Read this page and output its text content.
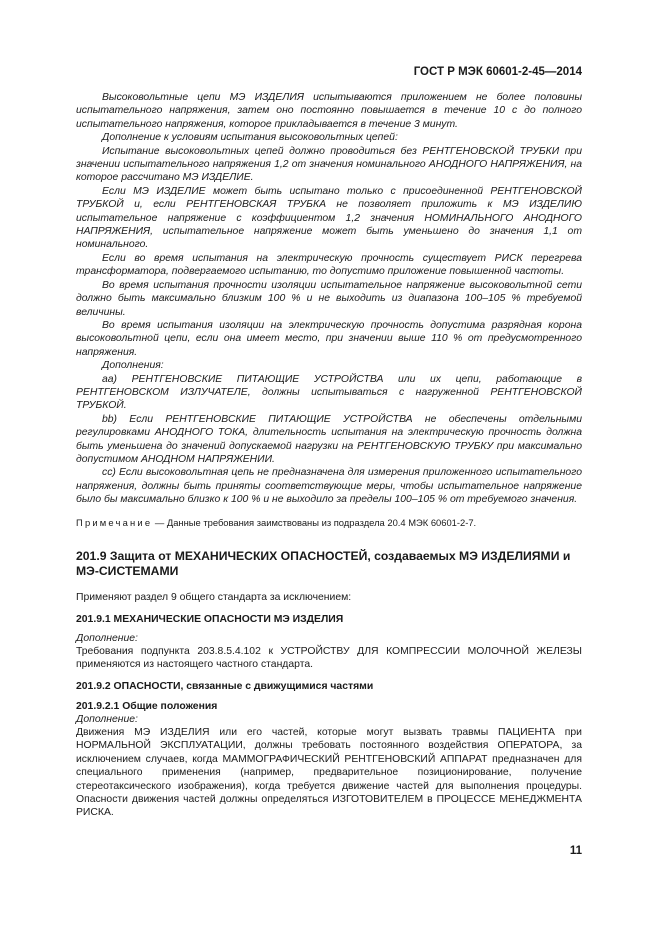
ГОСТ Р МЭК 60601-2-45—2014

Высоковольтные цепи МЭ ИЗДЕЛИЯ испытываются приложением не более половины испытательного напряжения, затем оно постоянно повышается в течение 10 с до полного испытательного напряжения, которое прикладывается в течение 3 минут.

Дополнение к условиям испытания высоковольтных цепей:

Испытание высоковольтных цепей должно проводиться без РЕНТГЕНОВСКОЙ ТРУБКИ при значении испытательного напряжения 1,2 от значения номинального АНОДНОГО НАПРЯЖЕНИЯ, на которое рассчитано МЭ ИЗДЕЛИЕ.

Если МЭ ИЗДЕЛИЕ может быть испытано только с присоединенной РЕНТГЕНОВСКОЙ ТРУБКОЙ и, если РЕНТГЕНОВСКАЯ ТРУБКА не позволяет приложить к МЭ ИЗДЕЛИЮ испытательное напряжение с коэффициентом 1,2 значения НОМИНАЛЬНОГО АНОДНОГО НАПРЯЖЕНИЯ, испытательное напряжение может быть уменьшено до значения 1,1 от номинального.

Если во время испытания на электрическую прочность существует РИСК перегрева трансформатора, подвергаемого испытанию, то допустимо приложение повышенной частоты.

Во время испытания прочности изоляции испытательное напряжение высоковольтной сети должно быть максимально близким 100 % и не выходить из диапазона 100–105 % требуемой величины.

Во время испытания изоляции на электрическую прочность допустима разрядная корона высоковольтной цепи, если она имеет место, при значении выше 110 % от предусмотренного напряжения.

Дополнения:

аа) РЕНТГЕНОВСКИЕ ПИТАЮЩИЕ УСТРОЙСТВА или их цепи, работающие в РЕНТГЕНОВСКОМ ИЗЛУЧАТЕЛЕ, должны испытываться с нагруженной РЕНТГЕНОВСКОЙ ТРУБКОЙ.

bb) Если РЕНТГЕНОВСКИЕ ПИТАЮЩИЕ УСТРОЙСТВА не обеспечены отдельными регулировками АНОДНОГО ТОКА, длительность испытания на электрическую прочность должна быть уменьшена до значений допускаемой нагрузки на РЕНТГЕНОВСКУЮ ТРУБКУ при максимально допустимом АНОДНОМ НАПРЯЖЕНИИ.

сс) Если высоковольтная цепь не предназначена для измерения приложенного испытательного напряжения, должны быть приняты соответствующие меры, чтобы испытательное напряжение было бы максимально близко к 100 % и не выходило за пределы 100–105 % от требуемого значения.

Примечание — Данные требования заимствованы из подраздела 20.4 МЭК 60601-2-7.

201.9 Защита от МЕХАНИЧЕСКИХ ОПАСНОСТЕЙ, создаваемых МЭ ИЗДЕЛИЯМИ и МЭ-СИСТЕМАМИ

Применяют раздел 9 общего стандарта за исключением:

201.9.1 МЕХАНИЧЕСКИЕ ОПАСНОСТИ МЭ ИЗДЕЛИЯ

Дополнение:

Требования подпункта 203.8.5.4.102 к УСТРОЙСТВУ ДЛЯ КОМПРЕССИИ МОЛОЧНОЙ ЖЕЛЕЗЫ применяются из настоящего частного стандарта.

201.9.2 ОПАСНОСТИ, связанные с движущимися частями
201.9.2.1 Общие положения

Дополнение:

Движения МЭ ИЗДЕЛИЯ или его частей, которые могут вызвать травмы ПАЦИЕНТА при НОРМАЛЬНОЙ ЭКСПЛУАТАЦИИ, должны требовать постоянного воздействия ОПЕРАТОРА, за исключением случаев, когда МАММОГРАФИЧЕСКИЙ РЕНТГЕНОВСКИЙ АППАРАТ предназначен для специального применения (например, предварительное позиционирование, получение стереотаксического изображения), когда требуется движение частей для выполнения процедуры. Опасности движения частей должны определяться ИЗГОТОВИТЕЛЕМ в ПРОЦЕССЕ МЕНЕДЖМЕНТА РИСКА.

11
